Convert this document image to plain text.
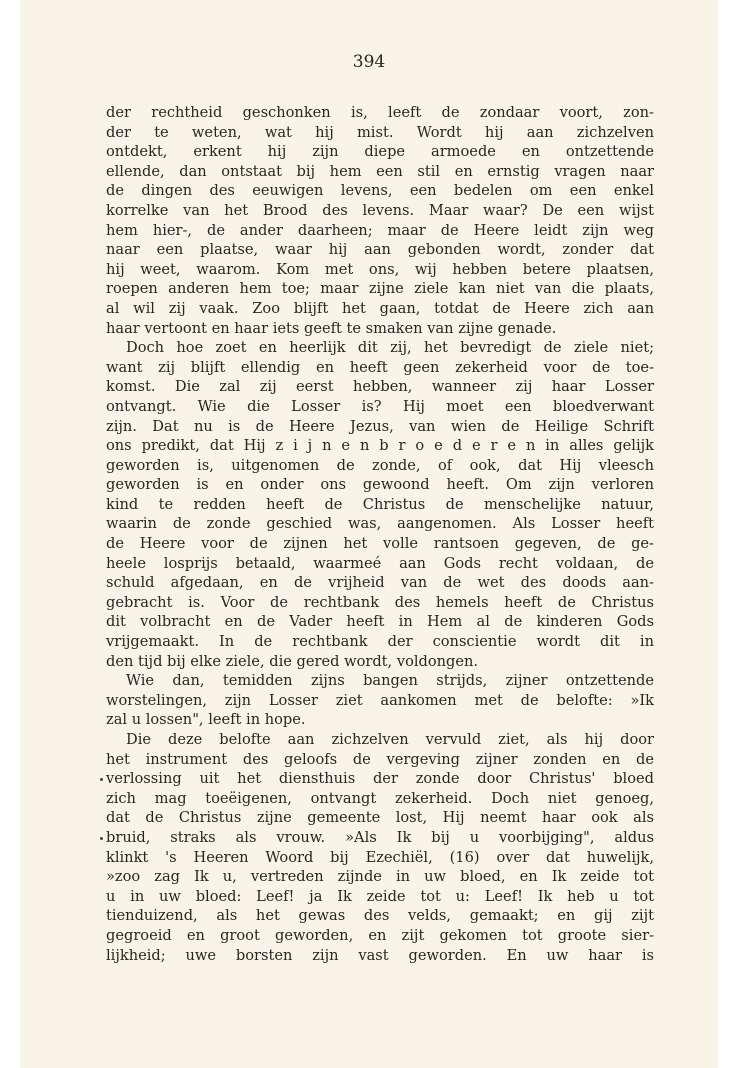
394

der rechtheid geschonken is, leeft de zondaar voort, zon-

der te weten, wat hij mist. Wordt hij aan zichzelven

ontdekt, erkent hij zijn diepe armoede en ontzettende

ellende, dan ontstaat bij hem een stil en ernstig vragen naar

de dingen des eeuwigen levens, een bedelen om een enkel

korrelke van het Brood des levens. Maar waar? De een wijst

hem hier-, de ander daarheen; maar de Heere leidt zijn weg

naar een plaatse, waar hij aan gebonden wordt, zonder dat

hij weet, waarom. Kom met ons, wij hebben betere plaatsen,

roepen anderen hem toe; maar zijne ziele kan niet van die plaats,

al wil zij vaak. Zoo blijft het gaan, totdat de Heere zich aan

haar vertoont en haar iets geeft te smaken van zijne genade.

Doch hoe zoet en heerlijk dit zij, het bevredigt de ziele niet;

want zij blijft ellendig en heeft geen zekerheid voor de toe-

komst. Die zal zij eerst hebben, wanneer zij haar Losser

ontvangt. Wie die Losser is? Hij moet een bloedverwant

zijn. Dat nu is de Heere Jezus, van wien de Heilige Schrift

ons predikt, dat Hij z i j n e n b r o e d e r e n in alles gelijk

geworden is, uitgenomen de zonde, of ook, dat Hij vleesch

geworden is en onder ons gewoond heeft. Om zijn verloren

kind te redden heeft de Christus de menschelijke natuur,

waarin de zonde geschied was, aangenomen. Als Losser heeft

de Heere voor de zijnen het volle rantsoen gegeven, de ge-

heele losprijs betaald, waarmeé aan Gods recht voldaan, de

schuld afgedaan, en de vrijheid van de wet des doods aan-

gebracht is. Voor de rechtbank des hemels heeft de Christus

dit volbracht en de Vader heeft in Hem al de kinderen Gods

vrijgemaakt. In de rechtbank der conscientie wordt dit in

den tijd bij elke ziele, die gered wordt, voldongen.

Wie dan, temidden zijns bangen strijds, zijner ontzettende

worstelingen, zijn Losser ziet aankomen met de belofte: »Ik

zal u lossen", leeft in hope.

Die deze belofte aan zichzelven vervuld ziet, als hij door

het instrument des geloofs de vergeving zijner zonden en de

verlossing uit het diensthuis der zonde door Christus' bloed

zich mag toeëigenen, ontvangt zekerheid. Doch niet genoeg,

dat de Christus zijne gemeente lost, Hij neemt haar ook als

bruid, straks als vrouw. »Als Ik bij u voorbijging", aldus

klinkt 's Heeren Woord bij Ezechiël, (16) over dat huwelijk,

»zoo zag Ik u, vertreden zijnde in uw bloed, en Ik zeide tot

u in uw bloed: Leef! ja Ik zeide tot u: Leef! Ik heb u tot

tienduizend, als het gewas des velds, gemaakt; en gij zijt

gegroeid en groot geworden, en zijt gekomen tot groote sier-

lijkheid; uwe borsten zijn vast geworden. En uw haar is
